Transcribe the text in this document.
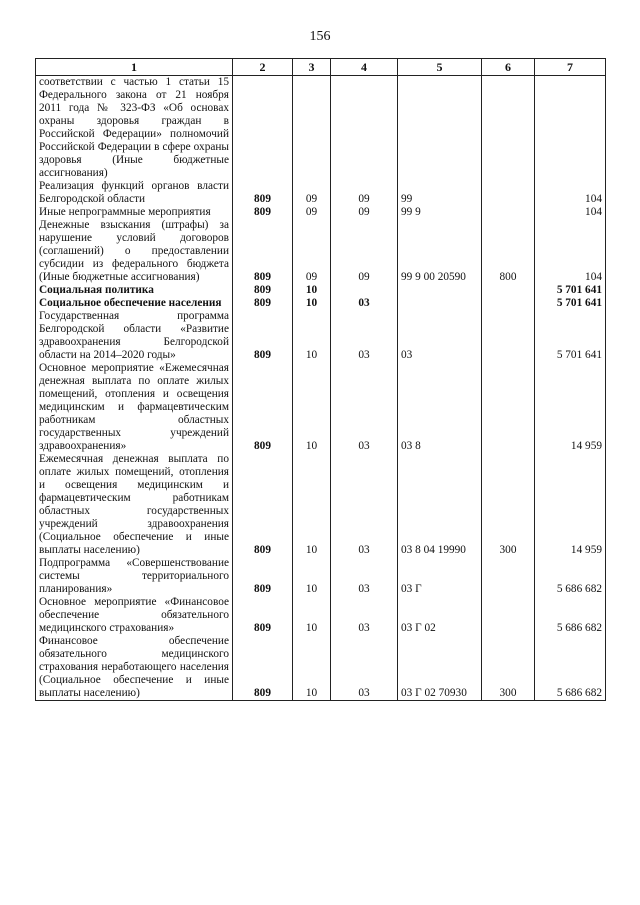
156
1	2	3	4	5	6	7
соответствии с частью 1 статьи 15 Федерального закона от 21 ноября 2011 года № 323-ФЗ «Об основах охраны здоровья граждан в Российской Федерации» полномочий Российской Федерации в сфере охраны здоровья (Иные бюджетные ассигнования)						
Реализация функций органов власти Белгородской области	809	09	09	99		104
Иные непрограммные мероприятия	809	09	09	99 9		104
Денежные взыскания (штрафы) за нарушение условий договоров (соглашений) о предоставлении субсидии из федерального бюджета (Иные бюджетные ассигнования)	809	09	09	99 9 00 20590	800	104
Социальная политика	809	10				5 701 641
Социальное обеспечение населения	809	10	03			5 701 641
Государственная программа Белгородской области «Развитие здравоохранения Белгородской области на 2014–2020 годы»	809	10	03	03		5 701 641
Основное мероприятие «Ежемесячная денежная выплата по оплате жилых помещений, отопления и освещения медицинским и фармацевтическим работникам областных государственных учреждений здравоохранения»	809	10	03	03 8		14 959
Ежемесячная денежная выплата по оплате жилых помещений, отопления и освещения медицинским и фармацевтическим работникам областных государственных учреждений здравоохранения (Социальное обеспечение и иные выплаты населению)	809	10	03	03 8 04 19990	300	14 959
Подпрограмма «Совершенствование системы территориального планирования»	809	10	03	03 Г		5 686 682
Основное мероприятие «Финансовое обеспечение обязательного медицинского страхования»	809	10	03	03 Г 02		5 686 682
Финансовое обеспечение обязательного медицинского страхования неработающего населения (Социальное обеспечение и иные выплаты населению)	809	10	03	03 Г 02 70930	300	5 686 682
